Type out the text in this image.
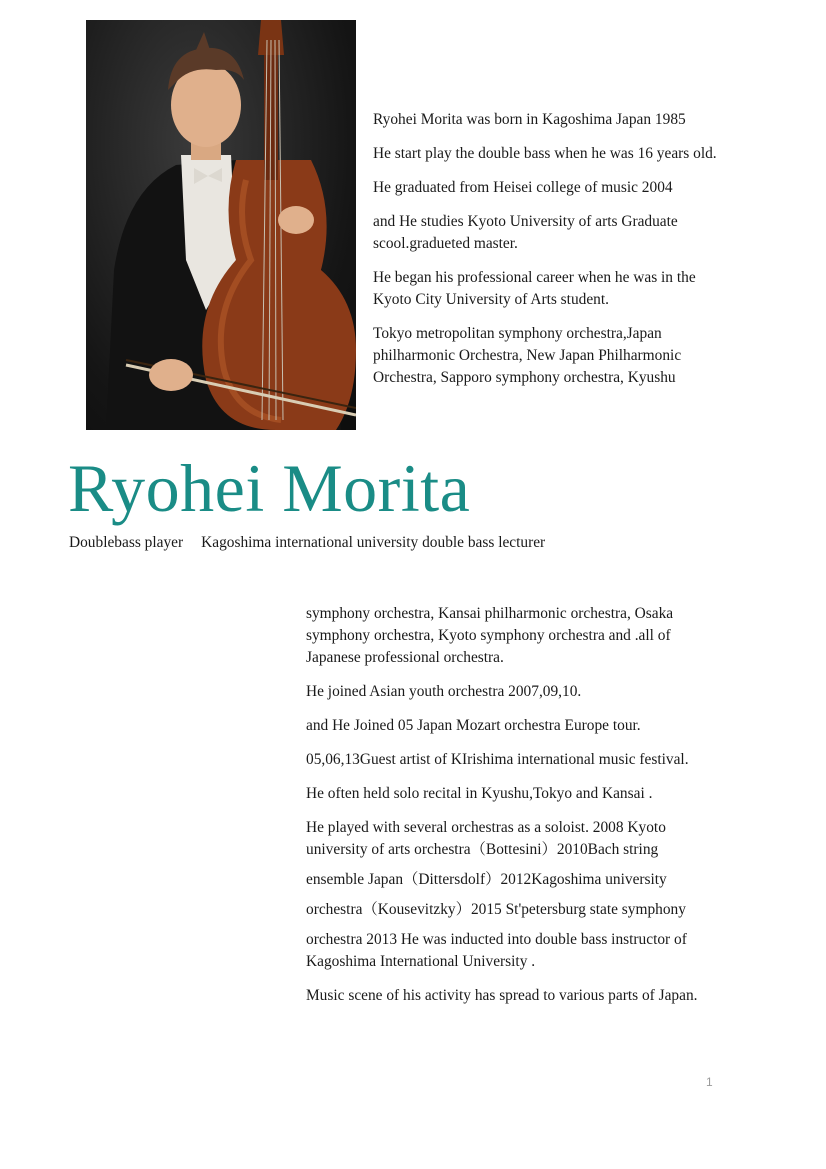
Ryohei Morita was born in Kagoshima Japan 1985

He start play the double bass when he was 16 years old.

He graduated from Heisei college of music 2004

and He studies Kyoto University of arts Graduate scool.gradueted master.

He began his professional career when he was in the Kyoto City University of Arts student.

Tokyo metropolitan symphony orchestra,Japan philharmonic Orchestra, New Japan Philharmonic Orchestra, Sapporo symphony orchestra, Kyushu

Ryohei Morita

Doublebass player Kagoshima international university double bass lecturer

symphony orchestra, Kansai philharmonic orchestra, Osaka symphony orchestra, Kyoto symphony orchestra and .all of Japanese professional orchestra.

He joined Asian youth orchestra 2007,09,10.

and He Joined 05 Japan Mozart orchestra Europe tour.

05,06,13Guest artist of KIrishima international music festival.

He often held solo recital in Kyushu,Tokyo and Kansai .

He played with several orchestras as a soloist. 2008 Kyoto university of arts orchestra（Bottesini）2010Bach string

ensemble Japan（Dittersdolf）2012Kagoshima university

orchestra（Kousevitzky）2015 St'petersburg state symphony

orchestra 2013 He was inducted into double bass instructor of Kagoshima International University .

Music scene of his activity has spread to various parts of Japan.

1
